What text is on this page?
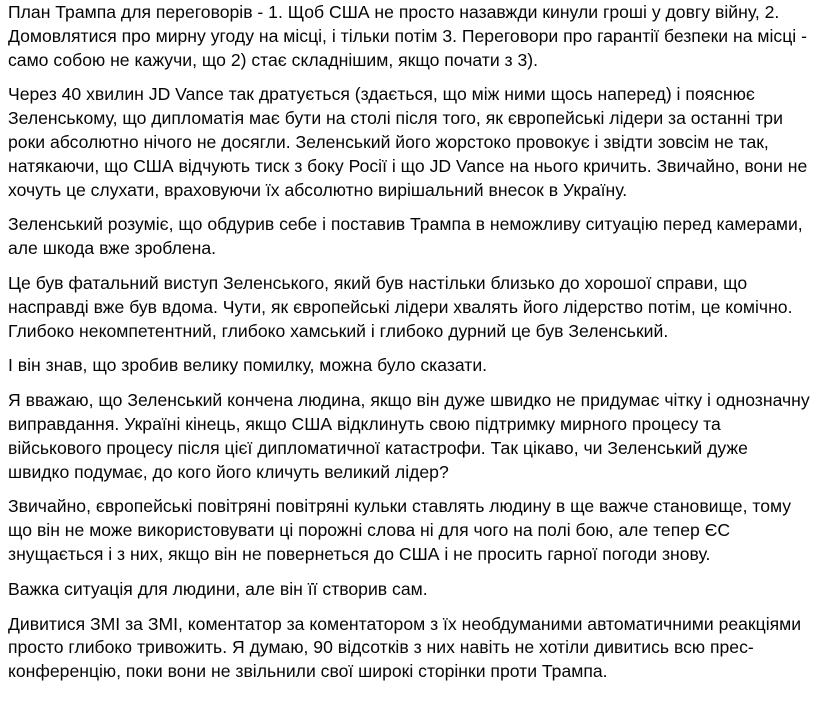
План Трампа для переговорів - 1. Щоб США не просто назавжди кинули гроші у довгу війну, 2. Домовлятися про мирну угоду на місці, і тільки потім 3. Переговори про гарантії безпеки на місці - само собою не кажучи, що 2) стає складнішим, якщо почати з 3).

Через 40 хвилин JD Vance так дратується (здається, що між ними щось наперед) і пояснює Зеленському, що дипломатія має бути на столі після того, як європейські лідери за останні три роки абсолютно нічого не досягли. Зеленський його жорстоко провокує і звідти зовсім не так, натякаючи, що США відчують тиск з боку Росії і що JD Vance на нього кричить. Звичайно, вони не хочуть це слухати, враховуючи їх абсолютно вирішальний внесок в Україну.

Зеленський розуміє, що обдурив себе і поставив Трампа в неможливу ситуацію перед камерами, але шкода вже зроблена.

Це був фатальний виступ Зеленського, який був настільки близько до хорошої справи, що насправді вже був вдома. Чути, як європейські лідери хвалять його лідерство потім, це комічно. Глибоко некомпетентний, глибоко хамський і глибоко дурний це був Зеленський.

І він знав, що зробив велику помилку, можна було сказати.

Я вважаю, що Зеленський кончена людина, якщо він дуже швидко не придумає чітку і однозначну виправдання. Україні кінець, якщо США відклинуть свою підтримку мирного процесу та військового процесу після цієї дипломатичної катастрофи. Так цікаво, чи Зеленський дуже швидко подумає, до кого його кличуть великий лідер?

Звичайно, європейські повітряні повітряні кульки ставлять людину в ще важче становище, тому що він не може використовувати ці порожні слова ні для чого на полі бою, але тепер ЄС знущається і з них, якщо він не повернеться до США і не просить гарної погоди знову.

Важка ситуація для людини, але він її створив сам.

Дивитися ЗМІ за ЗМІ, коментатор за коментатором з їх необдуманими автоматичними реакціями просто глибоко тривожить. Я думаю, 90 відсотків з них навіть не хотіли дивитись всю прес-конференцію, поки вони не звільнили свої широкі сторінки проти Трампа.
